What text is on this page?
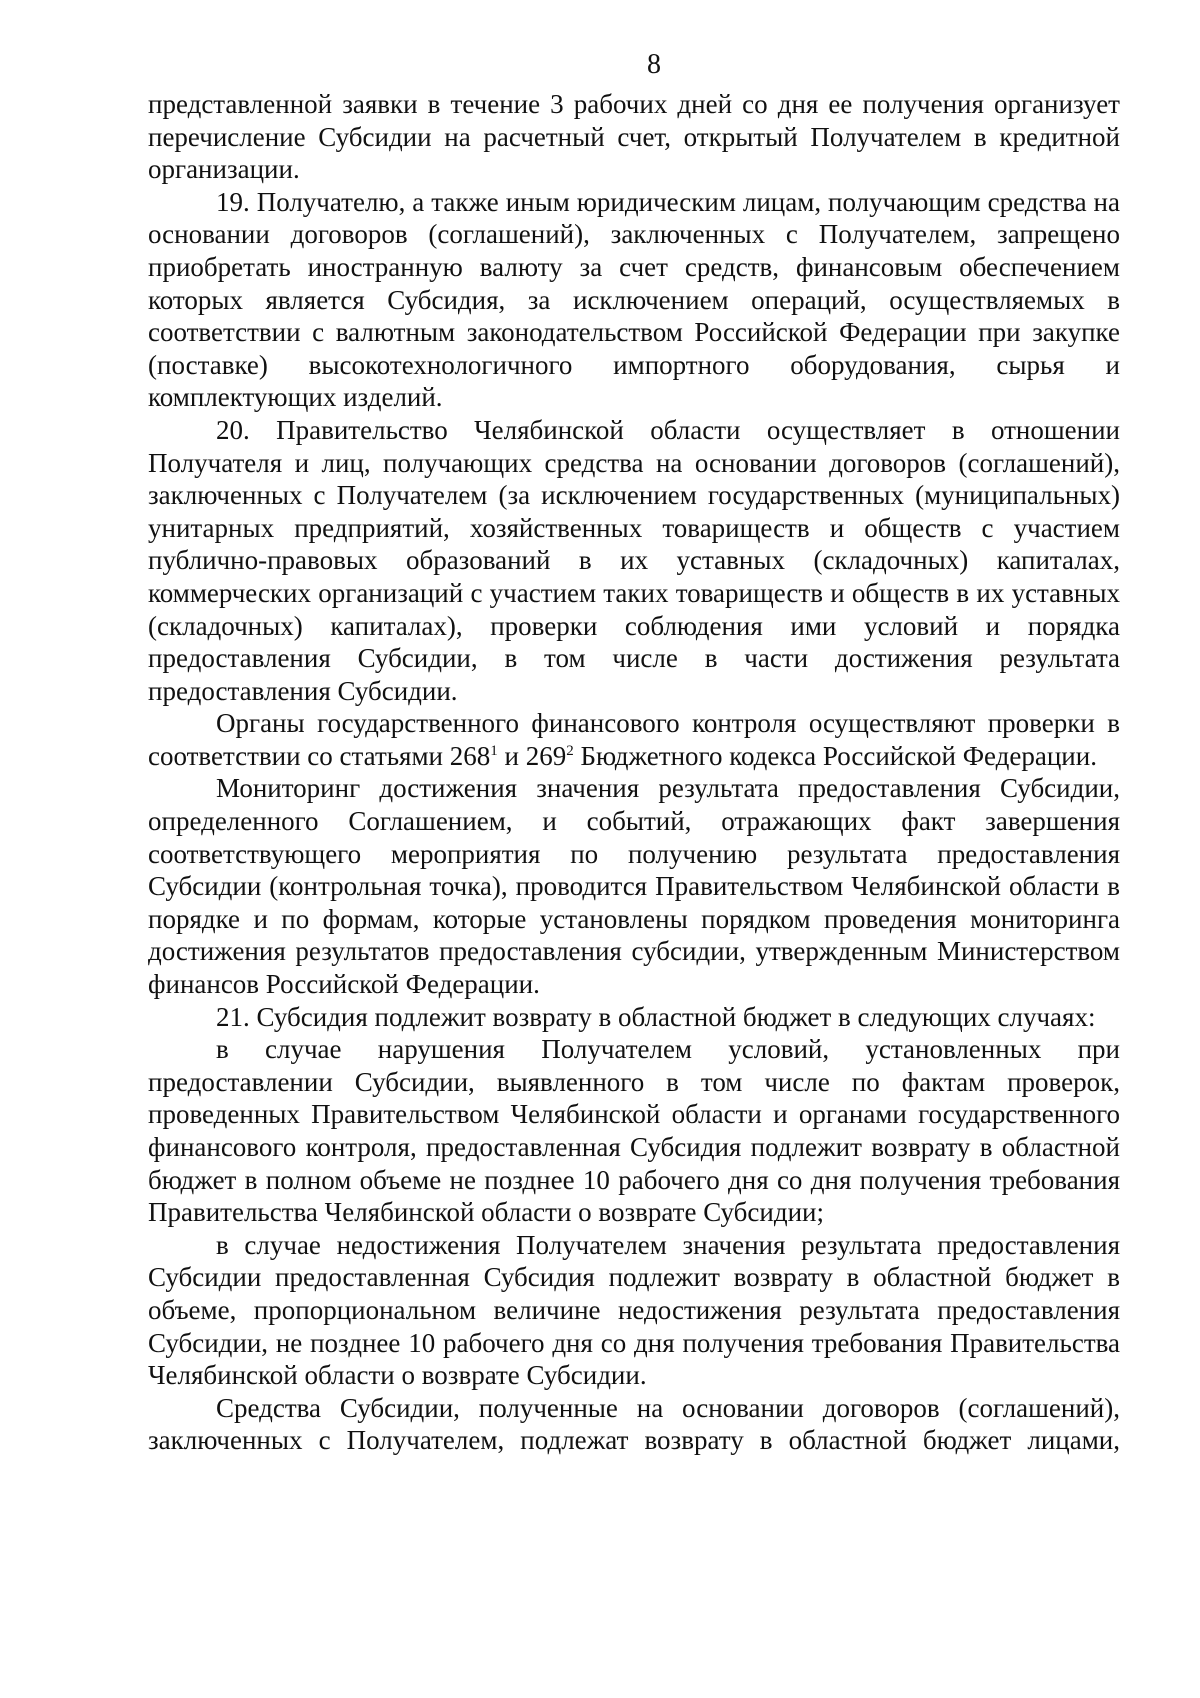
8

представленной заявки в течение 3 рабочих дней со дня ее получения организует перечисление Субсидии на расчетный счет, открытый Получателем в кредитной организации.

19. Получателю, а также иным юридическим лицам, получающим средства на основании договоров (соглашений), заключенных с Получателем, запрещено приобретать иностранную валюту за счет средств, финансовым обеспечением которых является Субсидия, за исключением операций, осуществляемых в соответствии с валютным законодательством Российской Федерации при закупке (поставке) высокотехнологичного импортного оборудования, сырья и комплектующих изделий.

20. Правительство Челябинской области осуществляет в отношении Получателя и лиц, получающих средства на основании договоров (соглашений), заключенных с Получателем (за исключением государственных (муниципальных) унитарных предприятий, хозяйственных товариществ и обществ с участием публично-правовых образований в их уставных (складочных) капиталах, коммерческих организаций с участием таких товариществ и обществ в их уставных (складочных) капиталах), проверки соблюдения ими условий и порядка предоставления Субсидии, в том числе в части достижения результата предоставления Субсидии.

Органы государственного финансового контроля осуществляют проверки в соответствии со статьями $268^1$ и $269^2$ Бюджетного кодекса Российской Федерации.

Мониторинг достижения значения результата предоставления Субсидии, определенного Соглашением, и событий, отражающих факт завершения соответствующего мероприятия по получению результата предоставления Субсидии (контрольная точка), проводится Правительством Челябинской области в порядке и по формам, которые установлены порядком проведения мониторинга достижения результатов предоставления субсидии, утвержденным Министерством финансов Российской Федерации.

21. Субсидия подлежит возврату в областной бюджет в следующих случаях:

в случае нарушения Получателем условий, установленных при предоставлении Субсидии, выявленного в том числе по фактам проверок, проведенных Правительством Челябинской области и органами государственного финансового контроля, предоставленная Субсидия подлежит возврату в областной бюджет в полном объеме не позднее 10 рабочего дня со дня получения требования Правительства Челябинской области о возврате Субсидии;

в случае недостижения Получателем значения результата предоставления Субсидии предоставленная Субсидия подлежит возврату в областной бюджет в объеме, пропорциональном величине недостижения результата предоставления Субсидии, не позднее 10 рабочего дня со дня получения требования Правительства Челябинской области о возврате Субсидии.

Средства Субсидии, полученные на основании договоров (соглашений), заключенных с Получателем, подлежат возврату в областной бюджет лицами,
